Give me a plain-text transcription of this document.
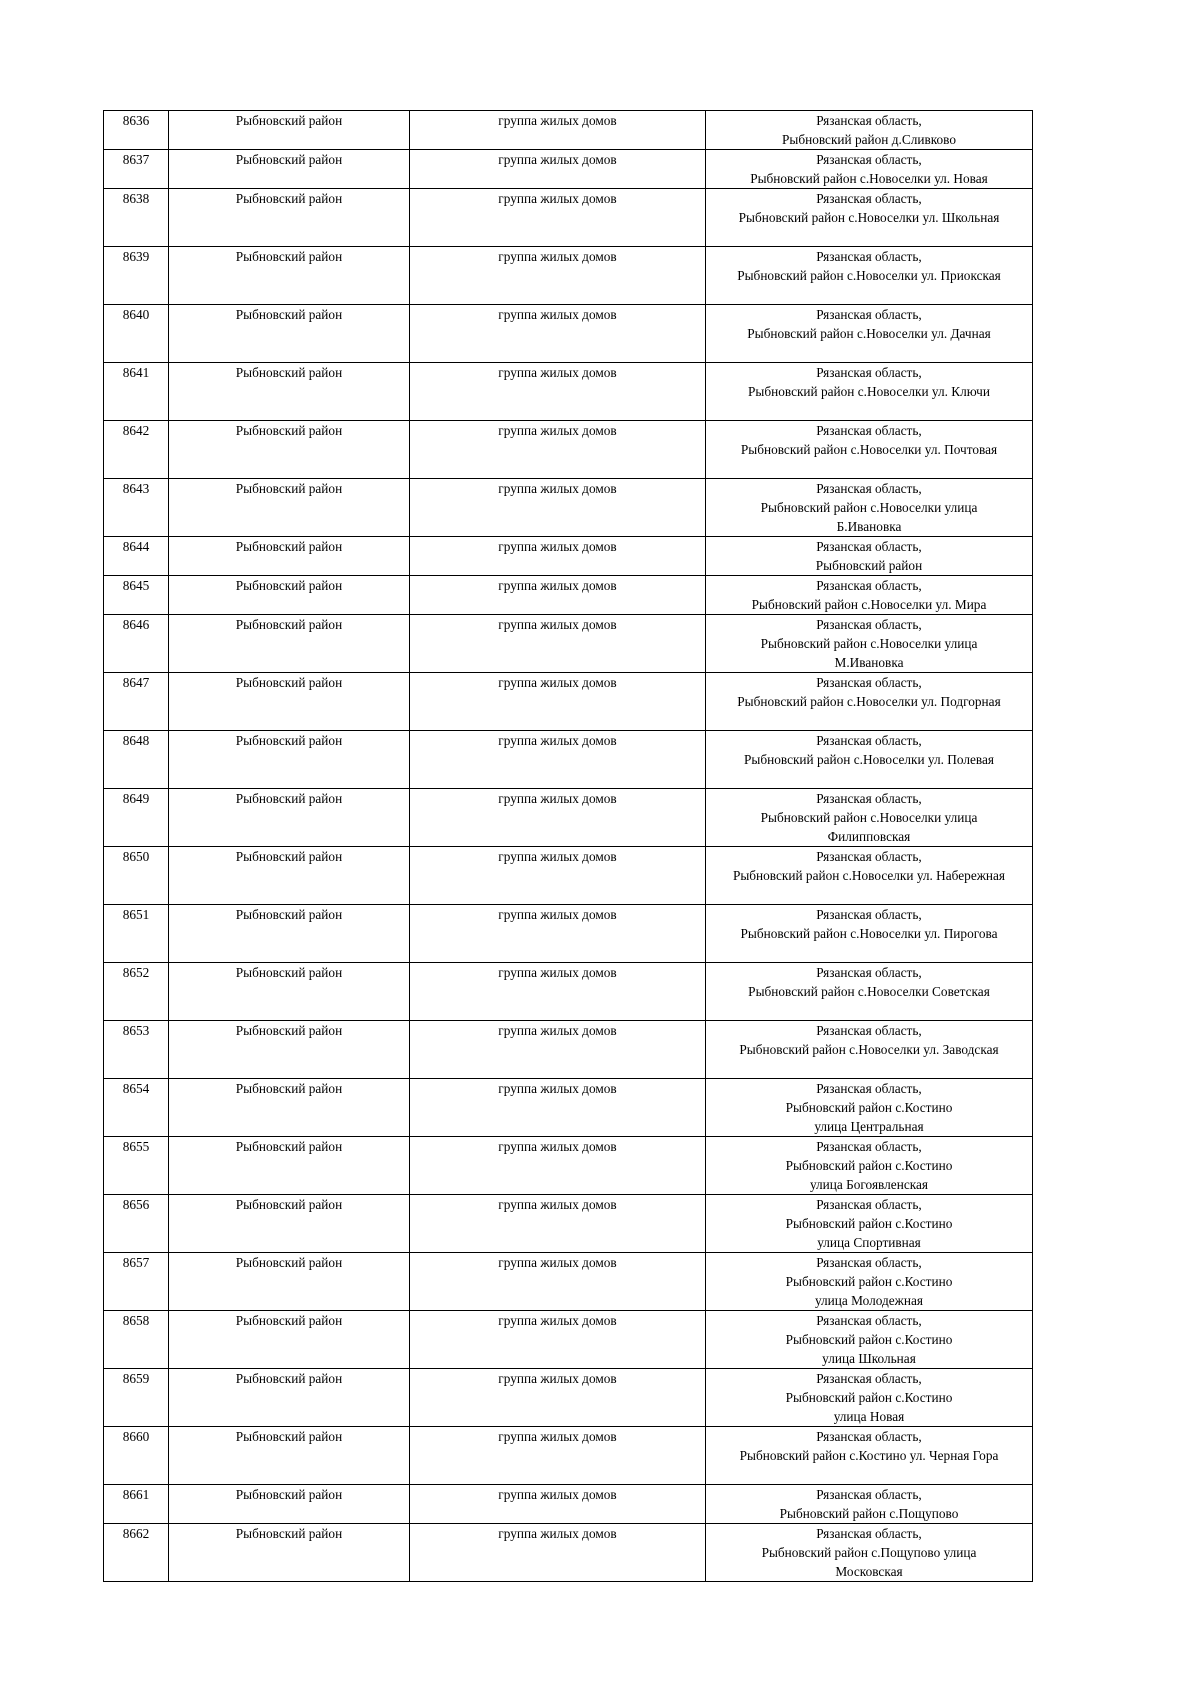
8636	Рыбновский район	группа жилых домов	Рязанская область,
Рыбновский район д.Сливково

8637	Рыбновский район	группа жилых домов	Рязанская область,
Рыбновский район с.Новоселки ул. Новая

8638	Рыбновский район	группа жилых домов	Рязанская область,
Рыбновский район с.Новоселки ул. Школьная

8639	Рыбновский район	группа жилых домов	Рязанская область,
Рыбновский район с.Новоселки ул. Приокская

8640	Рыбновский район	группа жилых домов	Рязанская область,
Рыбновский район с.Новоселки ул. Дачная

8641	Рыбновский район	группа жилых домов	Рязанская область,
Рыбновский район с.Новоселки ул. Ключи

8642	Рыбновский район	группа жилых домов	Рязанская область,
Рыбновский район с.Новоселки ул. Почтовая

8643	Рыбновский район	группа жилых домов	Рязанская область,
Рыбновский район с.Новоселки улица
Б.Ивановка

8644	Рыбновский район	группа жилых домов	Рязанская область,
Рыбновский район

8645	Рыбновский район	группа жилых домов	Рязанская область,
Рыбновский район с.Новоселки ул. Мира

8646	Рыбновский район	группа жилых домов	Рязанская область,
Рыбновский район с.Новоселки улица
М.Ивановка

8647	Рыбновский район	группа жилых домов	Рязанская область,
Рыбновский район с.Новоселки ул. Подгорная

8648	Рыбновский район	группа жилых домов	Рязанская область,
Рыбновский район с.Новоселки ул. Полевая

8649	Рыбновский район	группа жилых домов	Рязанская область,
Рыбновский район с.Новоселки улица
Филипповская

8650	Рыбновский район	группа жилых домов	Рязанская область,
Рыбновский район с.Новоселки ул. Набережная

8651	Рыбновский район	группа жилых домов	Рязанская область,
Рыбновский район с.Новоселки ул. Пирогова

8652	Рыбновский район	группа жилых домов	Рязанская область,
Рыбновский район с.Новоселки Советская

8653	Рыбновский район	группа жилых домов	Рязанская область,
Рыбновский район с.Новоселки ул. Заводская

8654	Рыбновский район	группа жилых домов	Рязанская область,
Рыбновский район с.Костино
улица Центральная

8655	Рыбновский район	группа жилых домов	Рязанская область,
Рыбновский район с.Костино
улица Богоявленская

8656	Рыбновский район	группа жилых домов	Рязанская область,
Рыбновский район с.Костино
улица Спортивная

8657	Рыбновский район	группа жилых домов	Рязанская область,
Рыбновский район с.Костино
улица Молодежная

8658	Рыбновский район	группа жилых домов	Рязанская область,
Рыбновский район с.Костино
улица Школьная

8659	Рыбновский район	группа жилых домов	Рязанская область,
Рыбновский район с.Костино
улица Новая

8660	Рыбновский район	группа жилых домов	Рязанская область,
Рыбновский район с.Костино ул. Черная Гора

8661	Рыбновский район	группа жилых домов	Рязанская область,
Рыбновский район с.Пощупово

8662	Рыбновский район	группа жилых домов	Рязанская область,
Рыбновский район с.Пощупово улица
Московская
